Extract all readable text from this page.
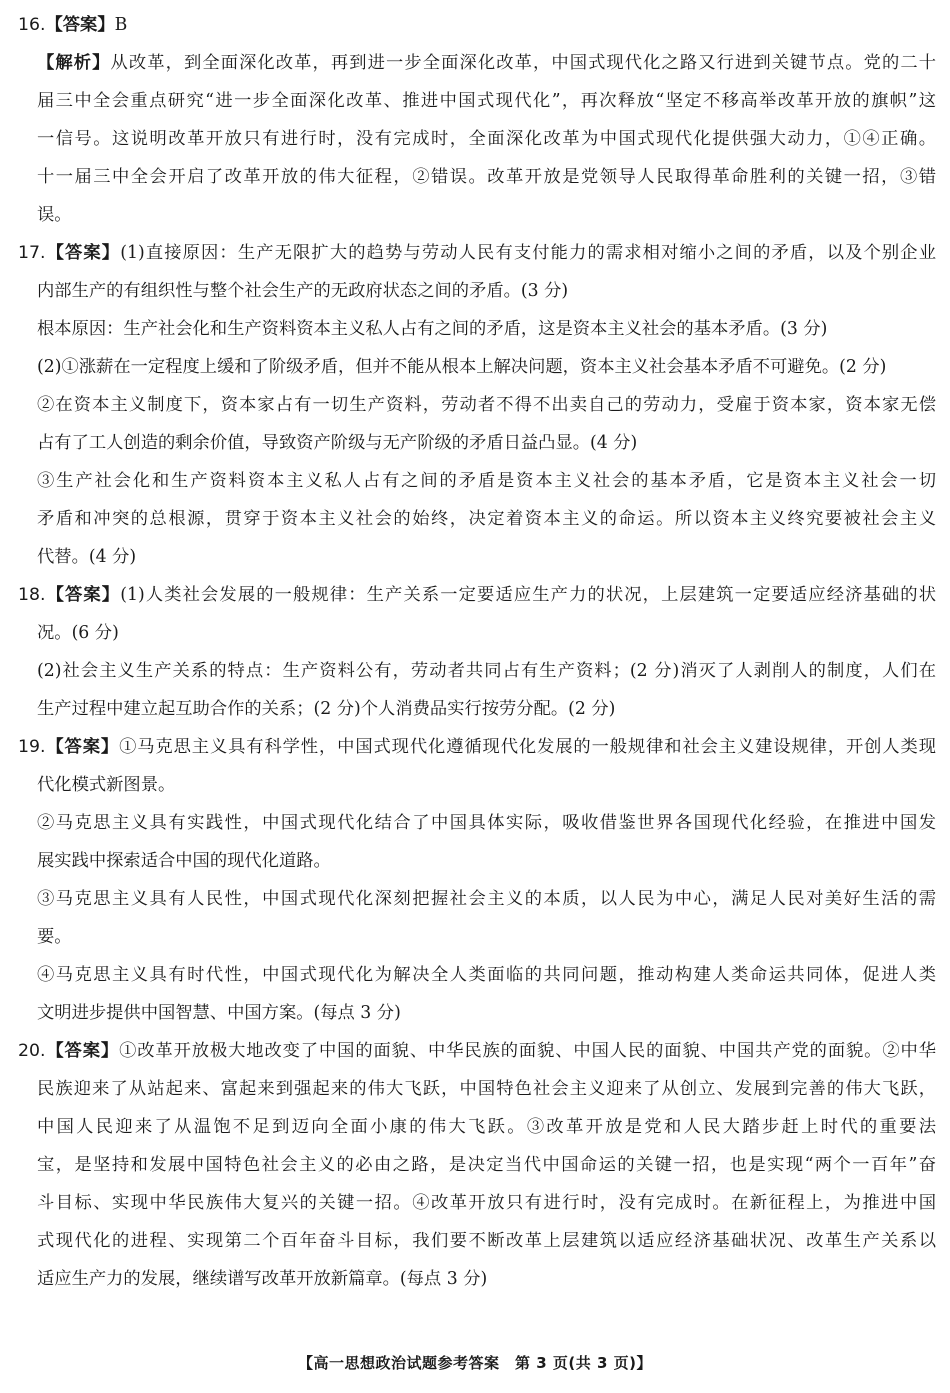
16.【答案】B
【解析】从改革，到全面深化改革，再到进一步全面深化改革，中国式现代化之路又行进到关键节点。党的二十
届三中全会重点研究“进一步全面深化改革、推进中国式现代化”，再次释放“坚定不移高举改革开放的旗帜”这
一信号。这说明改革开放只有进行时，没有完成时，全面深化改革为中国式现代化提供强大动力，①④正确。
十一届三中全会开启了改革开放的伟大征程，②错误。改革开放是党领导人民取得革命胜利的关键一招，③错
误。
17.【答案】(1)直接原因：生产无限扩大的趋势与劳动人民有支付能力的需求相对缩小之间的矛盾，以及个别企业
内部生产的有组织性与整个社会生产的无政府状态之间的矛盾。(3 分)
根本原因：生产社会化和生产资料资本主义私人占有之间的矛盾，这是资本主义社会的基本矛盾。(3 分)
(2)①涨薪在一定程度上缓和了阶级矛盾，但并不能从根本上解决问题，资本主义社会基本矛盾不可避免。(2 分)
②在资本主义制度下，资本家占有一切生产资料，劳动者不得不出卖自己的劳动力，受雇于资本家，资本家无偿
占有了工人创造的剩余价值，导致资产阶级与无产阶级的矛盾日益凸显。(4 分)
③生产社会化和生产资料资本主义私人占有之间的矛盾是资本主义社会的基本矛盾，它是资本主义社会一切
矛盾和冲突的总根源，贯穿于资本主义社会的始终，决定着资本主义的命运。所以资本主义终究要被社会主义
代替。(4 分)
18.【答案】(1)人类社会发展的一般规律：生产关系一定要适应生产力的状况，上层建筑一定要适应经济基础的状
况。(6 分)
(2)社会主义生产关系的特点：生产资料公有，劳动者共同占有生产资料；(2 分)消灭了人剥削人的制度，人们在
生产过程中建立起互助合作的关系；(2 分)个人消费品实行按劳分配。(2 分)
19.【答案】①马克思主义具有科学性，中国式现代化遵循现代化发展的一般规律和社会主义建设规律，开创人类现
代化模式新图景。
②马克思主义具有实践性，中国式现代化结合了中国具体实际，吸收借鉴世界各国现代化经验，在推进中国发
展实践中探索适合中国的现代化道路。
③马克思主义具有人民性，中国式现代化深刻把握社会主义的本质，以人民为中心，满足人民对美好生活的需
要。
④马克思主义具有时代性，中国式现代化为解决全人类面临的共同问题，推动构建人类命运共同体，促进人类
文明进步提供中国智慧、中国方案。(每点 3 分)
20.【答案】①改革开放极大地改变了中国的面貌、中华民族的面貌、中国人民的面貌、中国共产党的面貌。②中华
民族迎来了从站起来、富起来到强起来的伟大飞跃，中国特色社会主义迎来了从创立、发展到完善的伟大飞跃，
中国人民迎来了从温饱不足到迈向全面小康的伟大飞跃。③改革开放是党和人民大踏步赶上时代的重要法
宝，是坚持和发展中国特色社会主义的必由之路，是决定当代中国命运的关键一招，也是实现“两个一百年”奋
斗目标、实现中华民族伟大复兴的关键一招。④改革开放只有进行时，没有完成时。在新征程上，为推进中国
式现代化的进程、实现第二个百年奋斗目标，我们要不断改革上层建筑以适应经济基础状况、改革生产关系以
适应生产力的发展，继续谱写改革开放新篇章。(每点 3 分)
【高一思想政治试题参考答案　第 3 页(共 3 页)】
